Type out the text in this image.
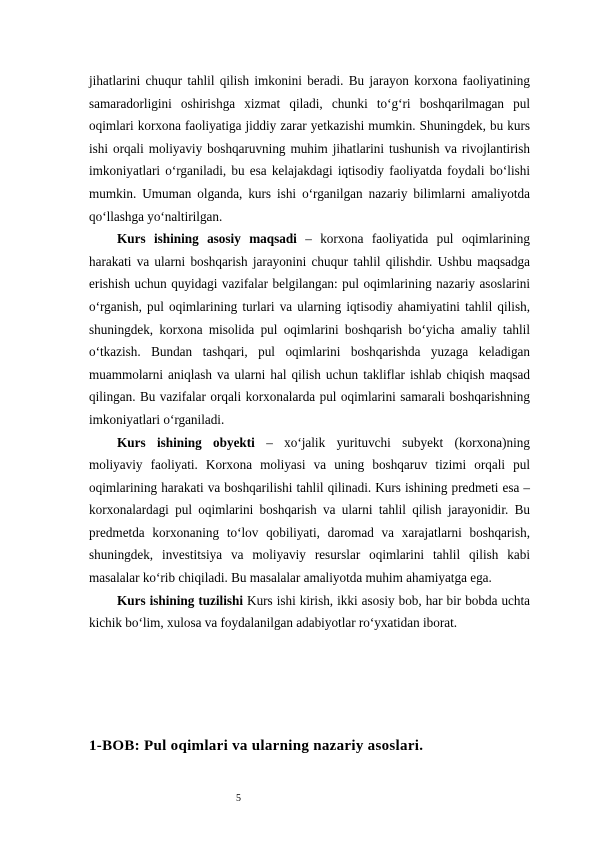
jihatlarini chuqur tahlil qilish imkonini beradi. Bu jarayon korxona faoliyatining samaradorligini oshirishga xizmat qiladi, chunki to‘g‘ri boshqarilmagan pul oqimlari korxona faoliyatiga jiddiy zarar yetkazishi mumkin. Shuningdek, bu kurs ishi orqali moliyaviy boshqaruvning muhim jihatlarini tushunish va rivojlantirish imkoniyatlari o‘rganiladi, bu esa kelajakdagi iqtisodiy faoliyatda foydali bo‘lishi mumkin. Umuman olganda, kurs ishi o‘rganilgan nazariy bilimlarni amaliyotda qo‘llashga yo‘naltirilgan.

Kurs ishining asosiy maqsadi – korxona faoliyatida pul oqimlarining harakati va ularni boshqarish jarayonini chuqur tahlil qilishdir. Ushbu maqsadga erishish uchun quyidagi vazifalar belgilangan: pul oqimlarining nazariy asoslarini o‘rganish, pul oqimlarining turlari va ularning iqtisodiy ahamiyatini tahlil qilish, shuningdek, korxona misolida pul oqimlarini boshqarish bo‘yicha amaliy tahlil o‘tkazish. Bundan tashqari, pul oqimlarini boshqarishda yuzaga keladigan muammolarni aniqlash va ularni hal qilish uchun takliflar ishlab chiqish maqsad qilingan. Bu vazifalar orqali korxonalarda pul oqimlarini samarali boshqarishning imkoniyatlari o‘rganiladi.

Kurs ishining obyekti – xo‘jalik yurituvchi subyekt (korxona)ning moliyaviy faoliyati. Korxona moliyasi va uning boshqaruv tizimi orqali pul oqimlarining harakati va boshqarilishi tahlil qilinadi. Kurs ishining predmeti esa – korxonalardagi pul oqimlarini boshqarish va ularni tahlil qilish jarayonidir. Bu predmetda korxonaning to‘lov qobiliyati, daromad va xarajatlarni boshqarish, shuningdek, investitsiya va moliyaviy resurslar oqimlarini tahlil qilish kabi masalalar ko‘rib chiqiladi. Bu masalalar amaliyotda muhim ahamiyatga ega.

Kurs ishining tuzilishi Kurs ishi kirish, ikki asosiy bob, har bir bobda uchta kichik bo‘lim, xulosa va foydalanilgan adabiyotlar ro‘yxatidan iborat.

1-BOB: Pul oqimlari va ularning nazariy asoslari.
5
